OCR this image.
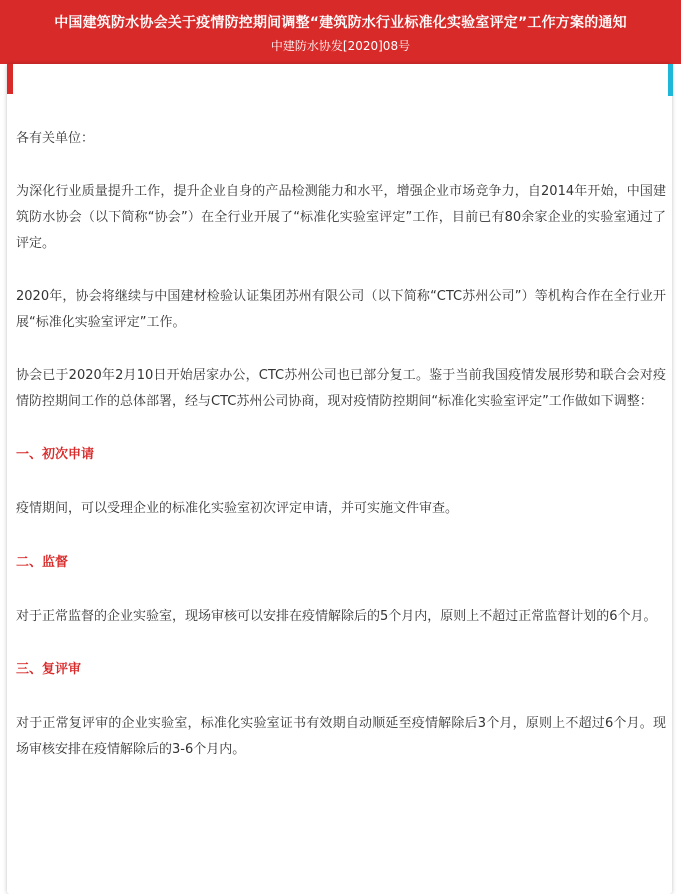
中国建筑防水协会关于疫情防控期间调整“建筑防水行业标准化实验室评定”工作方案的通知
中建防水协发[2020]08号

各有关单位：

为深化行业质量提升工作，提升企业自身的产品检测能力和水平，增强企业市场竞争力，自2014年开始，中国建筑防水协会（以下简称“协会”）在全行业开展了“标准化实验室评定”工作，目前已有80余家企业的实验室通过了评定。

2020年，协会将继续与中国建材检验认证集团苏州有限公司（以下简称“CTC苏州公司”）等机构合作在全行业开展“标准化实验室评定”工作。

协会已于2020年2月10日开始居家办公，CTC苏州公司也已部分复工。鉴于当前我国疫情发展形势和联合会对疫情防控期间工作的总体部署，经与CTC苏州公司协商，现对疫情防控期间“标准化实验室评定”工作做如下调整：

一、初次申请

疫情期间，可以受理企业的标准化实验室初次评定申请，并可实施文件审查。

二、监督

对于正常监督的企业实验室，现场审核可以安排在疫情解除后的5个月内，原则上不超过正常监督计划的6个月。

三、复评审

对于正常复评审的企业实验室，标准化实验室证书有效期自动顺延至疫情解除后3个月，原则上不超过6个月。现场审核安排在疫情解除后的3-6个月内。
